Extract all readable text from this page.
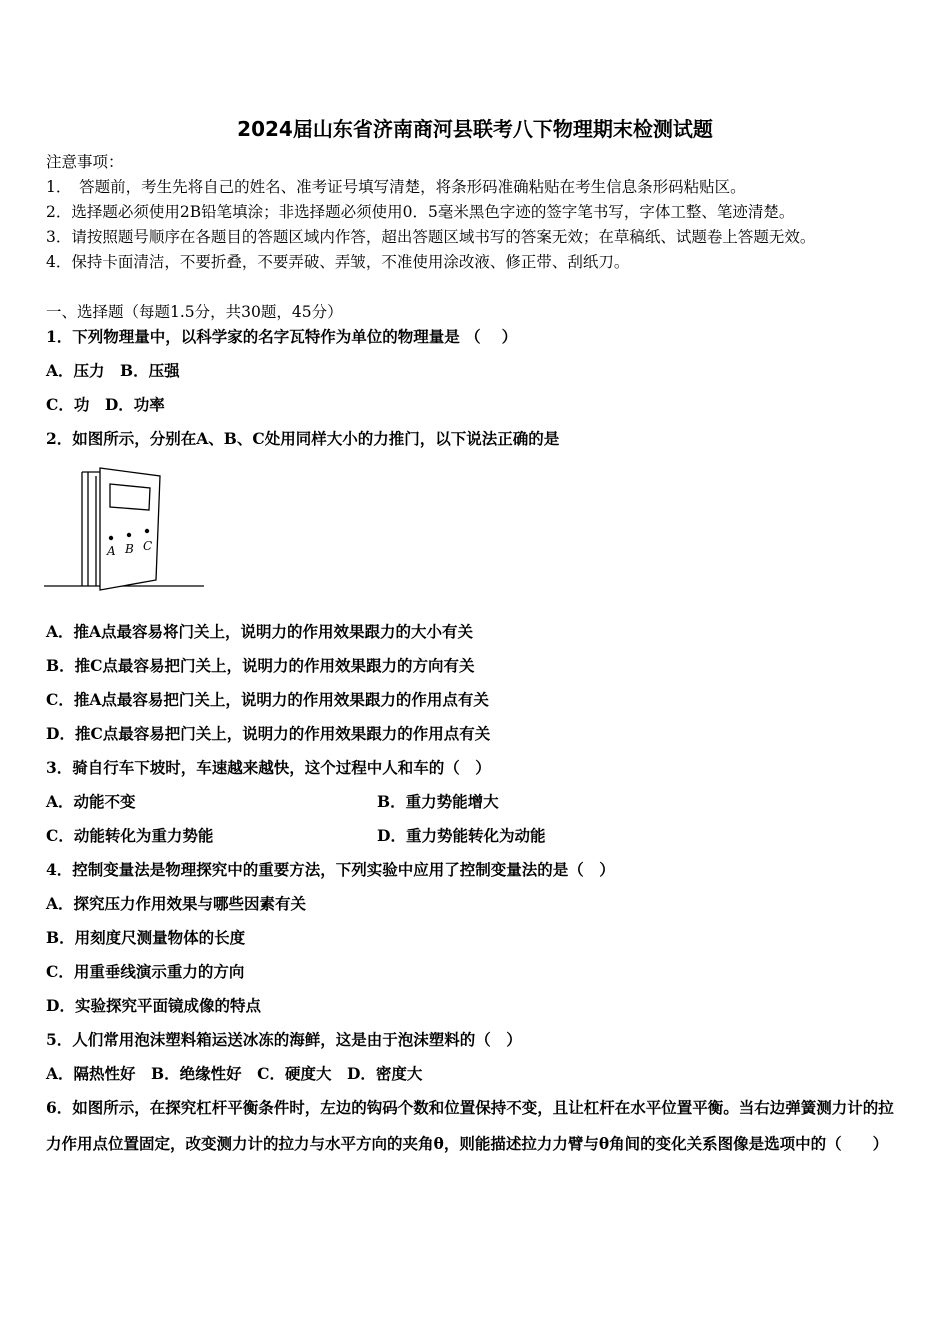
2024届山东省济南商河县联考八下物理期末检测试题
注意事项：
1．　答题前，考生先将自己的姓名、准考证号填写清楚，将条形码准确粘贴在考生信息条形码粘贴区。
2．选择题必须使用2B铅笔填涂；非选择题必须使用0．5毫米黑色字迹的签字笔书写，字体工整、笔迹清楚。
3．请按照题号顺序在各题目的答题区域内作答，超出答题区域书写的答案无效；在草稿纸、试题卷上答题无效。
4．保持卡面清洁，不要折叠，不要弄破、弄皱，不准使用涂改液、修正带、刮纸刀。
一、选择题（每题1.5分，共30题，45分）
1．下列物理量中，以科学家的名字瓦特作为单位的物理量是 （　 ）
A．压力　B．压强
C．功　D．功率
2．如图所示，分别在A、B、C处用同样大小的力推门，以下说法正确的是
A B C
A．推A点最容易将门关上，说明力的作用效果跟力的大小有关
B．推C点最容易把门关上，说明力的作用效果跟力的方向有关
C．推A点最容易把门关上，说明力的作用效果跟力的作用点有关
D．推C点最容易把门关上，说明力的作用效果跟力的作用点有关
3．骑自行车下坡时，车速越来越快，这个过程中人和车的（　）
A．动能不变	B．重力势能增大
C．动能转化为重力势能	D．重力势能转化为动能
4．控制变量法是物理探究中的重要方法，下列实验中应用了控制变量法的是（　）
A．探究压力作用效果与哪些因素有关
B．用刻度尺测量物体的长度
C．用重垂线演示重力的方向
D．实验探究平面镜成像的特点
5．人们常用泡沫塑料箱运送冰冻的海鲜，这是由于泡沫塑料的（　）
A．隔热性好　B．绝缘性好　C．硬度大　D．密度大
6．如图所示，在探究杠杆平衡条件时，左边的钩码个数和位置保持不变，且让杠杆在水平位置平衡。当右边弹簧测力计的拉力作用点位置固定，改变测力计的拉力与水平方向的夹角θ，则能描述拉力力臂与θ角间的变化关系图像是选项中的（　　）
